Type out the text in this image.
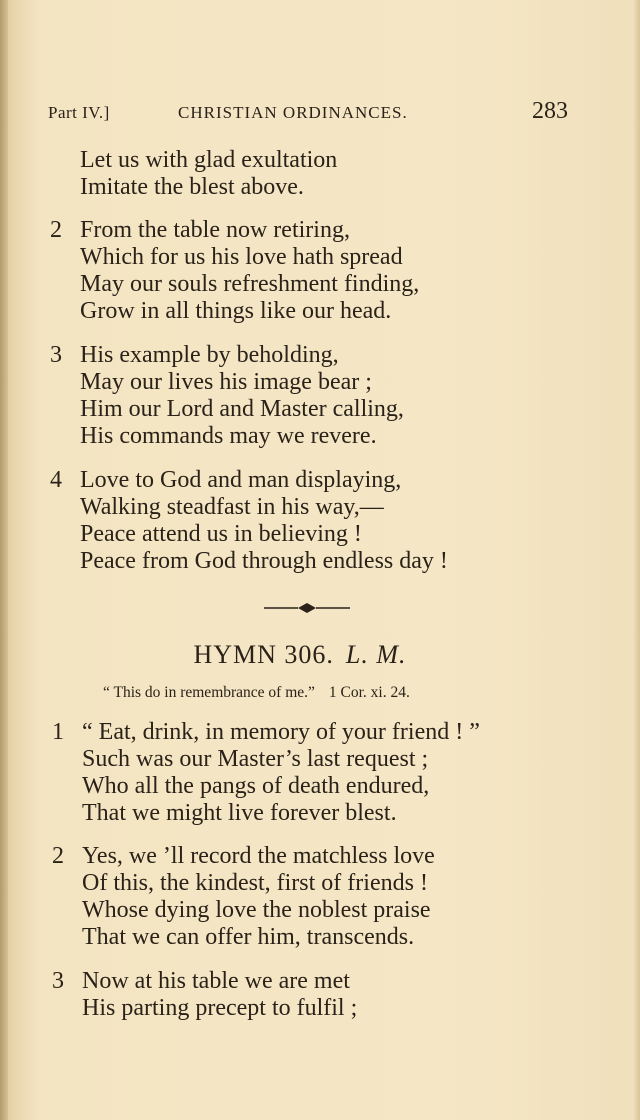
Part IV.]	CHRISTIAN ORDINANCES.	283
Let us with glad exultation
Imitate the blest above.
2 From the table now retiring,
Which for us his love hath spread
May our souls refreshment finding,
Grow in all things like our head.
3 His example by beholding,
May our lives his image bear ;
Him our Lord and Master calling,
His commands may we revere.
4 Love to God and man displaying,
Walking steadfast in his way,—
Peace attend us in believing !
Peace from God through endless day !
HYMN 306. L. M.
“ This do in remembrance of me.” 1 Cor. xi. 24.
1 “ Eat, drink, in memory of your friend ! ”
Such was our Master’s last request ;
Who all the pangs of death endured,
That we might live forever blest.
2 Yes, we ’ll record the matchless love
Of this, the kindest, first of friends !
Whose dying love the noblest praise
That we can offer him, transcends.
3 Now at his table we are met
His parting precept to fulfil ;
